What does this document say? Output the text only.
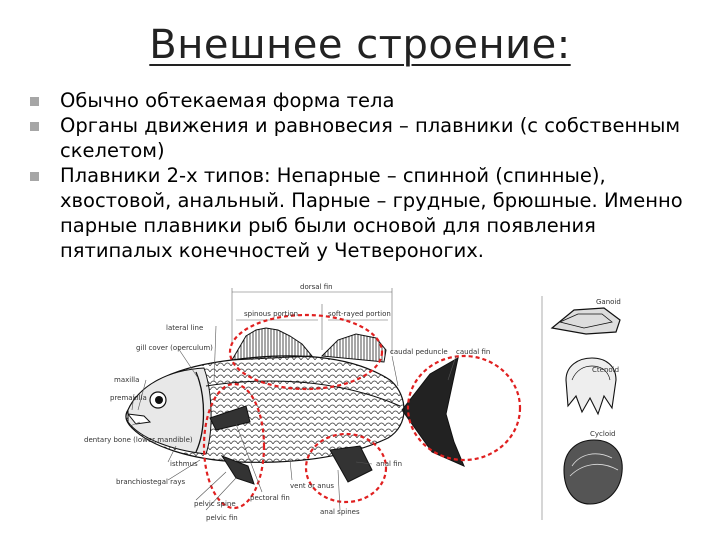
Внешнее строение:
Обычно обтекаемая форма тела
Органы движения и равновесия – плавники (с собственным скелетом)
Плавники 2-х типов: Непарные – спинной (спинные), хвостовой, анальный. Парные – грудные, брюшные. Именно парные плавники рыб были основой для появления пятипалых конечностей у Четвероногих.
dorsal fin
spinous portion	soft-rayed portion
lateral line
gill cover (operculum)
maxilla
premaxilla
dentary bone (lower mandible)
isthmus
branchiostegal rays
pelvic spine
pectoral fin
pelvic fin
vent or anus
anal spines
anal fin
caudal peduncle caudal fin
Ganoid
Ctenoid
Cycloid
